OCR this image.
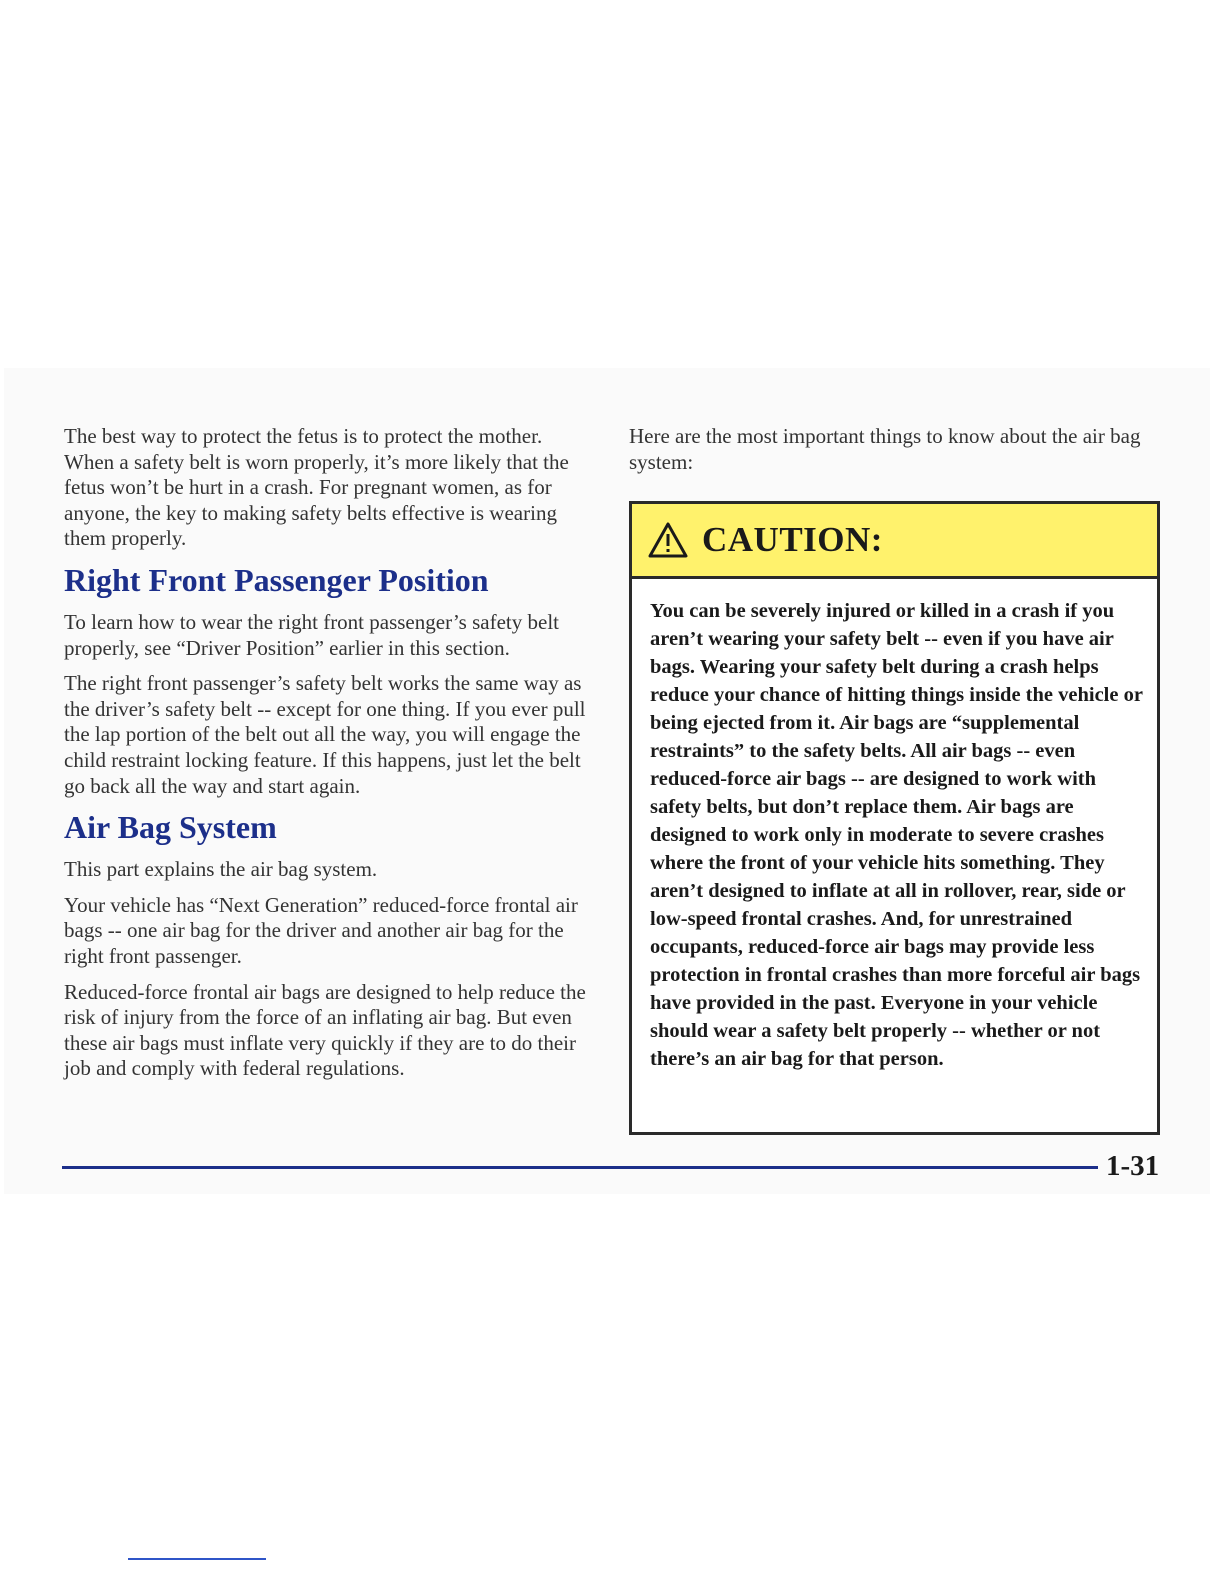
The best way to protect the fetus is to protect the mother. When a safety belt is worn properly, it’s more likely that the fetus won’t be hurt in a crash. For pregnant women, as for anyone, the key to making safety belts effective is wearing them properly.

Right Front Passenger Position

To learn how to wear the right front passenger’s safety belt properly, see “Driver Position” earlier in this section.

The right front passenger’s safety belt works the same way as the driver’s safety belt -- except for one thing. If you ever pull the lap portion of the belt out all the way, you will engage the child restraint locking feature. If this happens, just let the belt go back all the way and start again.

Air Bag System

This part explains the air bag system.

Your vehicle has “Next Generation” reduced-force frontal air bags -- one air bag for the driver and another air bag for the right front passenger.

Reduced-force frontal air bags are designed to help reduce the risk of injury from the force of an inflating air bag. But even these air bags must inflate very quickly if they are to do their job and comply with federal regulations.

Here are the most important things to know about the air bag system:

CAUTION:

You can be severely injured or killed in a crash if you aren’t wearing your safety belt -- even if you have air bags. Wearing your safety belt during a crash helps reduce your chance of hitting things inside the vehicle or being ejected from it. Air bags are “supplemental restraints” to the safety belts. All air bags -- even reduced-force air bags -- are designed to work with safety belts, but don’t replace them. Air bags are designed to work only in moderate to severe crashes where the front of your vehicle hits something. They aren’t designed to inflate at all in rollover, rear, side or low-speed frontal crashes. And, for unrestrained occupants, reduced-force air bags may provide less protection in frontal crashes than more forceful air bags have provided in the past. Everyone in your vehicle should wear a safety belt properly -- whether or not there’s an air bag for that person.

1-31
